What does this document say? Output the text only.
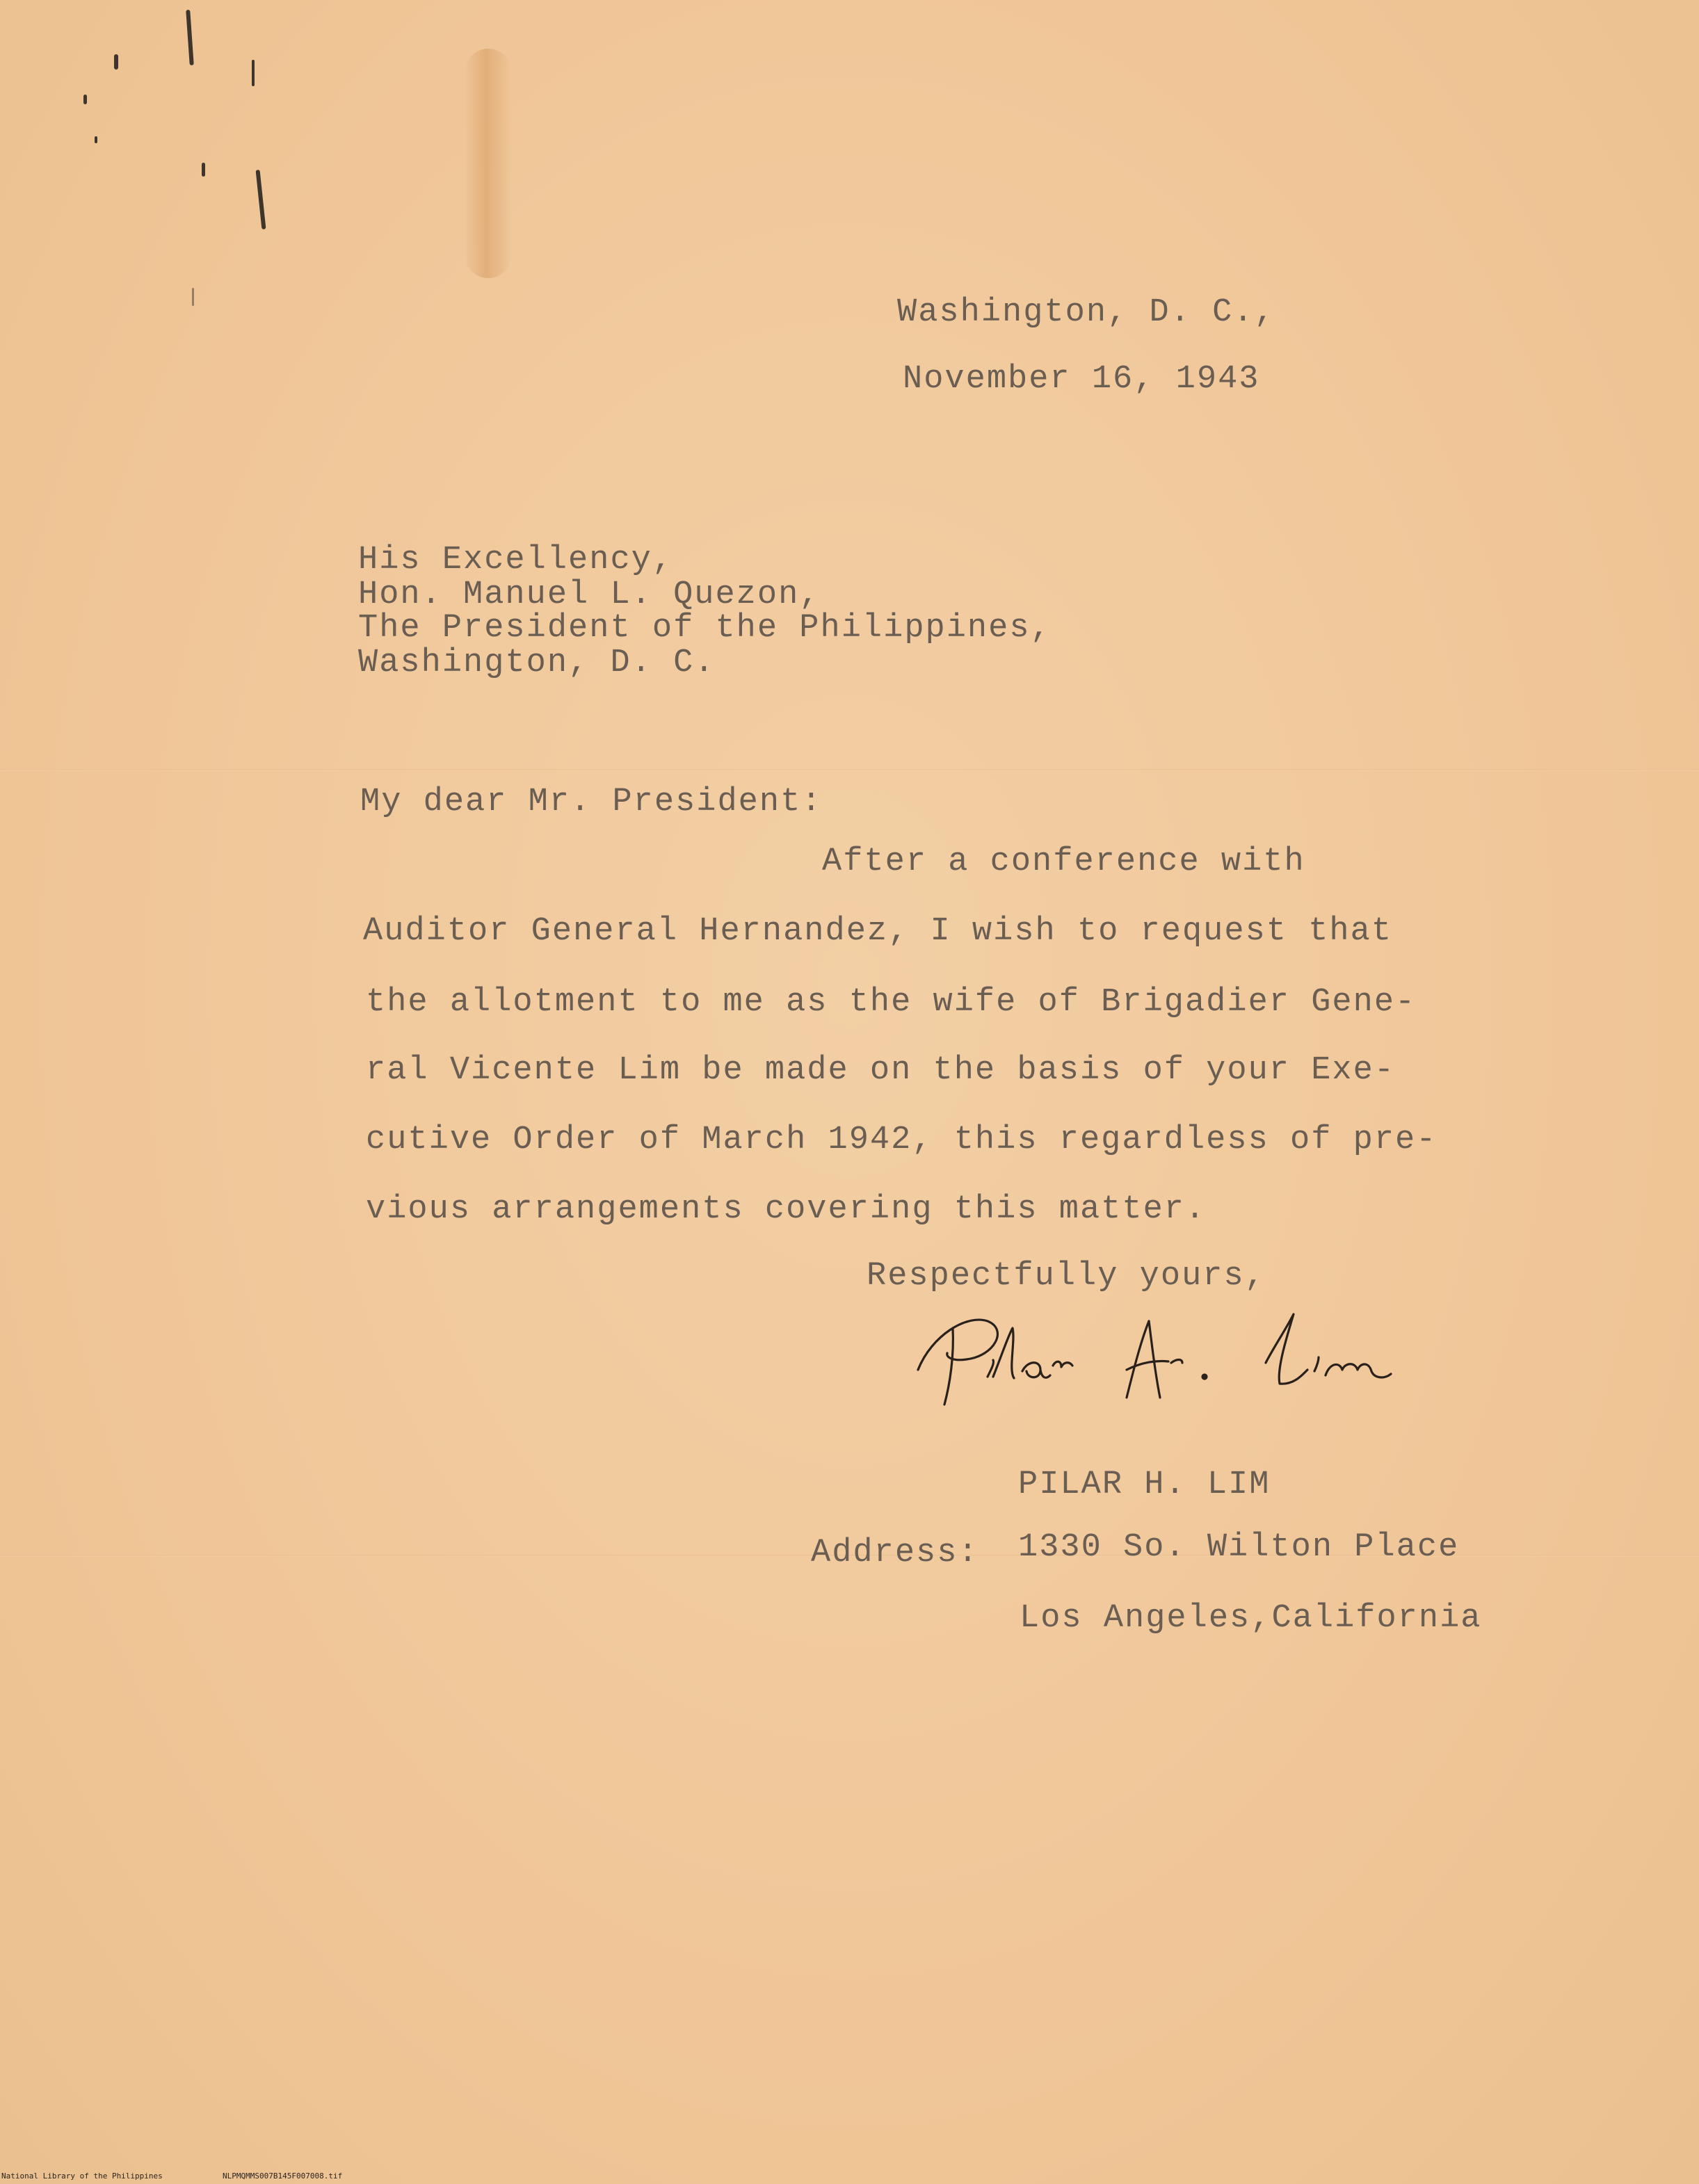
Washington, D. C.,
November 16, 1943
His Excellency,
Hon. Manuel L. Quezon,
The President of the Philippines,
Washington, D. C.
My dear Mr. President:
After a conference with
Auditor General Hernandez, I wish to request that
the allotment to me as the wife of Brigadier Gene-
ral Vicente Lim be made on the basis of your Exe-
cutive Order of March 1942, this regardless of pre-
vious arrangements covering this matter.
Respectfully yours,
PILAR H. LIM
Address: 1330 So. Wilton Place
Los Angeles,California
National Library of the Philippines	NLPMQMMS007B145F007008.tif
